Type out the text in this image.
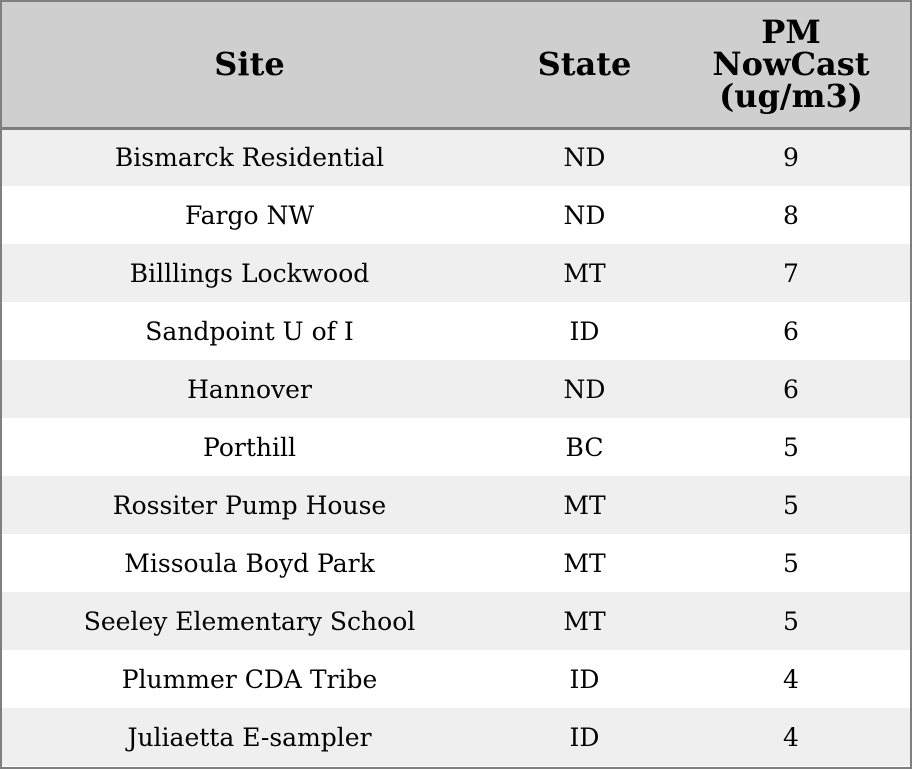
Site	State	PM
NowCast
(ug/m3)

Bismarck Residential	ND	9
Fargo NW	ND	8
Billlings Lockwood	MT	7
Sandpoint U of I	ID	6
Hannover	ND	6
Porthill	BC	5
Rossiter Pump House	MT	5
Missoula Boyd Park	MT	5
Seeley Elementary School	MT	5
Plummer CDA Tribe	ID	4
Juliaetta E-sampler	ID	4
